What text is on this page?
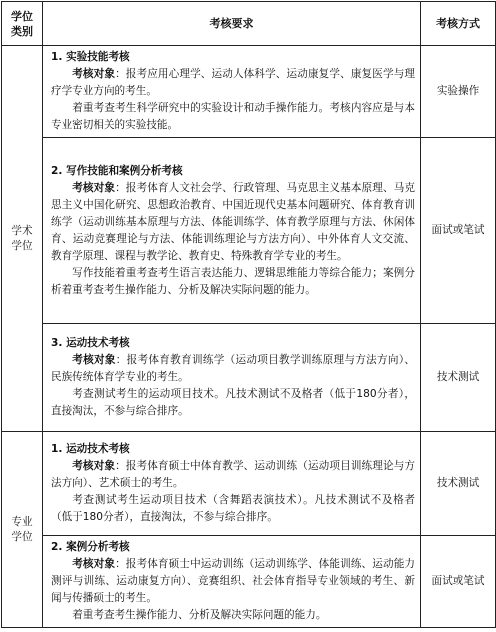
学位类别	考核要求	考核方式
学术学位	1. 实验技能考核

考核对象：报考应用心理学、运动人体科学、运动康复学、康复医学与理疗学专业方向的考生。

着重考查考生科学研究中的实验设计和动手操作能力。考核内容应是与本专业密切相关的实验技能。	实验操作

	2. 写作技能和案例分析考核

考核对象：报考体育人文社会学、行政管理、马克思主义基本原理、马克思主义中国化研究、思想政治教育、中国近现代史基本问题研究、体育教育训练学（运动训练基本原理与方法、体能训练学、体育教学原理与方法、休闲体育、运动竞赛理论与方法、体能训练理论与方法方向）、中外体育人文交流、教育学原理、课程与教学论、教育史、特殊教育学专业的考生。

写作技能着重考查考生语言表达能力、逻辑思维能力等综合能力；案例分析着重考查考生操作能力、分析及解决实际问题的能力。	面试或笔试

	3. 运动技术考核

考核对象：报考体育教育训练学（运动项目教学训练原理与方法方向）、民族传统体育学专业的考生。

考查测试考生的运动项目技术。凡技术测试不及格者（低于180分者），直接淘汰，不参与综合排序。	技术测试
专业学位	1. 运动技术考核

考核对象：报考体育硕士中体育教学、运动训练（运动项目训练理论与方法方向）、艺术硕士的考生。

考查测试考生运动项目技术（含舞蹈表演技术）。凡技术测试不及格者（低于180分者），直接淘汰，不参与综合排序。	技术测试

	2. 案例分析考核

考核对象：报考体育硕士中运动训练（运动训练学、体能训练、运动能力测评与训练、运动康复方向）、竞赛组织、社会体育指导专业领域的考生、新闻与传播硕士的考生。

着重考查考生操作能力、分析及解决实际问题的能力。	面试或笔试
